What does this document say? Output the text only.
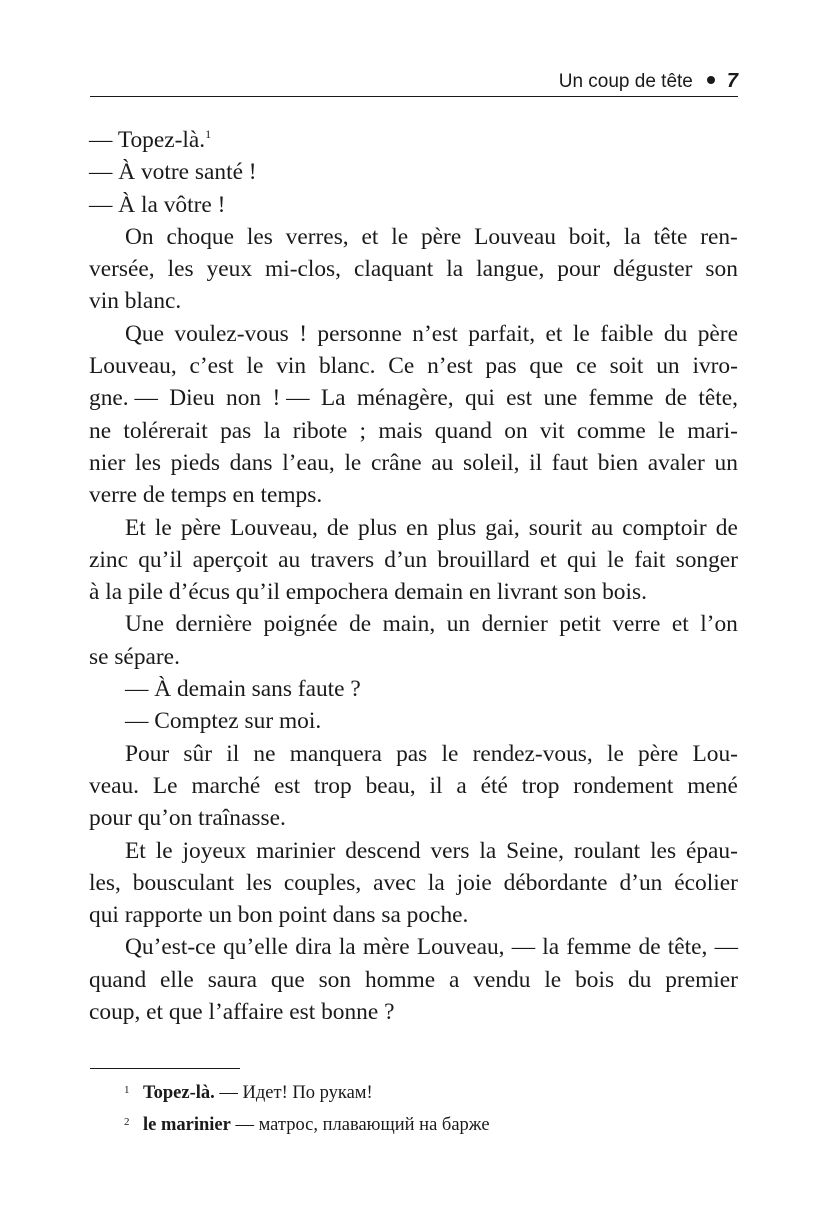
Un coup de tête 7
— Topez-là.$^1$
— À votre santé !
— À la vôtre !
On choque les verres, et le père Louveau boit, la tête ren-
versée, les yeux mi-clos, claquant la langue, pour déguster son
vin blanc.
Que voulez-vous ! personne n’est parfait, et le faible du père
Louveau, c’est le vin blanc. Ce n’est pas que ce soit un ivro-
gne. — Dieu non ! — La ménagère, qui est une femme de tête,
ne tolérerait pas la ribote ; mais quand on vit comme le mari-
nier les pieds dans l’eau, le crâne au soleil, il faut bien avaler un
verre de temps en temps.
Et le père Louveau, de plus en plus gai, sourit au comptoir de
zinc qu’il aperçoit au travers d’un brouillard et qui le fait songer
à la pile d’écus qu’il empochera demain en livrant son bois.
Une dernière poignée de main, un dernier petit verre et l’on
se sépare.
— À demain sans faute ?
— Comptez sur moi.
Pour sûr il ne manquera pas le rendez-vous, le père Lou-
veau. Le marché est trop beau, il a été trop rondement mené
pour qu’on traînasse.
Et le joyeux marinier descend vers la Seine, roulant les épau-
les, bousculant les couples, avec la joie débordante d’un écolier
qui rapporte un bon point dans sa poche.
Qu’est-ce qu’elle dira la mère Louveau, — la femme de tête, —
quand elle saura que son homme a vendu le bois du premier
coup, et que l’affaire est bonne ?
1 Topez-là. — Идет! По рукам!
2 le marinier — матрос, плавающий на барже
